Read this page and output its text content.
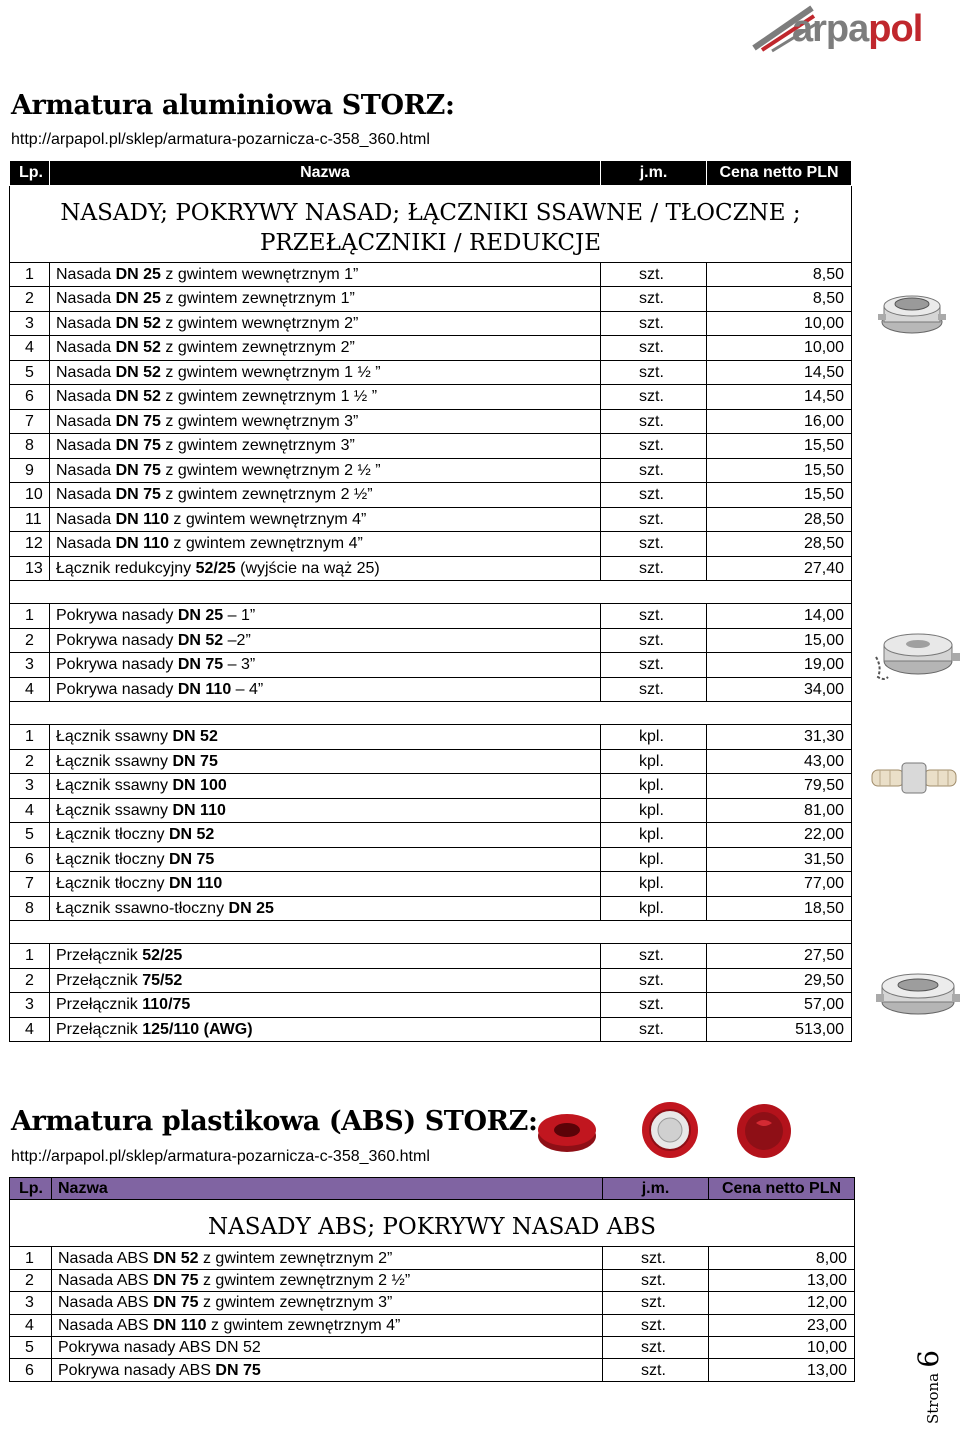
arpapol
Armatura aluminiowa STORZ:
http://arpapol.pl/sklep/armatura-pozarnicza-c-358_360.html
Lp.	Nazwa	j.m.	Cena netto PLN
NASADY; POKRYWY NASAD; ŁĄCZNIKI SSAWNE / TŁOCZNE ; PRZEŁĄCZNIKI / REDUKCJE			
1	Nasada DN 25 z gwintem wewnętrznym 1”	szt.	8,50
2	Nasada DN 25 z gwintem zewnętrznym 1”	szt.	8,50
3	Nasada DN 52 z gwintem wewnętrznym 2”	szt.	10,00
4	Nasada DN 52 z gwintem zewnętrznym 2”	szt.	10,00
5	Nasada DN 52 z gwintem wewnętrznym 1 ½ ”	szt.	14,50
6	Nasada DN 52 z gwintem zewnętrznym 1 ½ ”	szt.	14,50
7	Nasada DN 75 z gwintem wewnętrznym 3”	szt.	16,00
8	Nasada DN 75 z gwintem zewnętrznym 3”	szt.	15,50
9	Nasada DN 75 z gwintem wewnętrznym 2 ½ ”	szt.	15,50
10	Nasada DN 75 z gwintem zewnętrznym 2 ½”	szt.	15,50
11	Nasada DN 110 z gwintem wewnętrznym 4”	szt.	28,50
12	Nasada DN 110 z gwintem zewnętrznym 4”	szt.	28,50
13	Łącznik redukcyjny 52/25 (wyjście na wąż 25)	szt.	27,40

1	Pokrywa nasady DN 25 – 1”	szt.	14,00
2	Pokrywa nasady DN 52 –2”	szt.	15,00
3	Pokrywa nasady DN 75 – 3”	szt.	19,00
4	Pokrywa nasady DN 110 – 4”	szt.	34,00

1	Łącznik ssawny DN 52	kpl.	31,30
2	Łącznik ssawny DN 75	kpl.	43,00
3	Łącznik ssawny DN 100	kpl.	79,50
4	Łącznik ssawny DN 110	kpl.	81,00
5	Łącznik tłoczny DN 52	kpl.	22,00
6	Łącznik tłoczny DN 75	kpl.	31,50
7	Łącznik tłoczny DN 110	kpl.	77,00
8	Łącznik ssawno-tłoczny DN 25	kpl.	18,50

1	Przełącznik 52/25	szt.	27,50
2	Przełącznik 75/52	szt.	29,50
3	Przełącznik 110/75	szt.	57,00
4	Przełącznik 125/110 (AWG)	szt.	513,00
Armatura plastikowa (ABS) STORZ:
http://arpapol.pl/sklep/armatura-pozarnicza-c-358_360.html
Lp.	Nazwa	j.m.	Cena netto PLN
NASADY ABS; POKRYWY NASAD ABS			
1	Nasada ABS DN 52 z gwintem zewnętrznym 2”	szt.	8,00
2	Nasada ABS DN 75 z gwintem zewnętrznym 2 ½”	szt.	13,00
3	Nasada ABS DN 75 z gwintem zewnętrznym 3”	szt.	12,00
4	Nasada ABS DN 110 z gwintem zewnętrznym 4”	szt.	23,00
5	Pokrywa nasady ABS DN 52	szt.	10,00
6	Pokrywa nasady ABS DN 75	szt.	13,00
Strona 6
